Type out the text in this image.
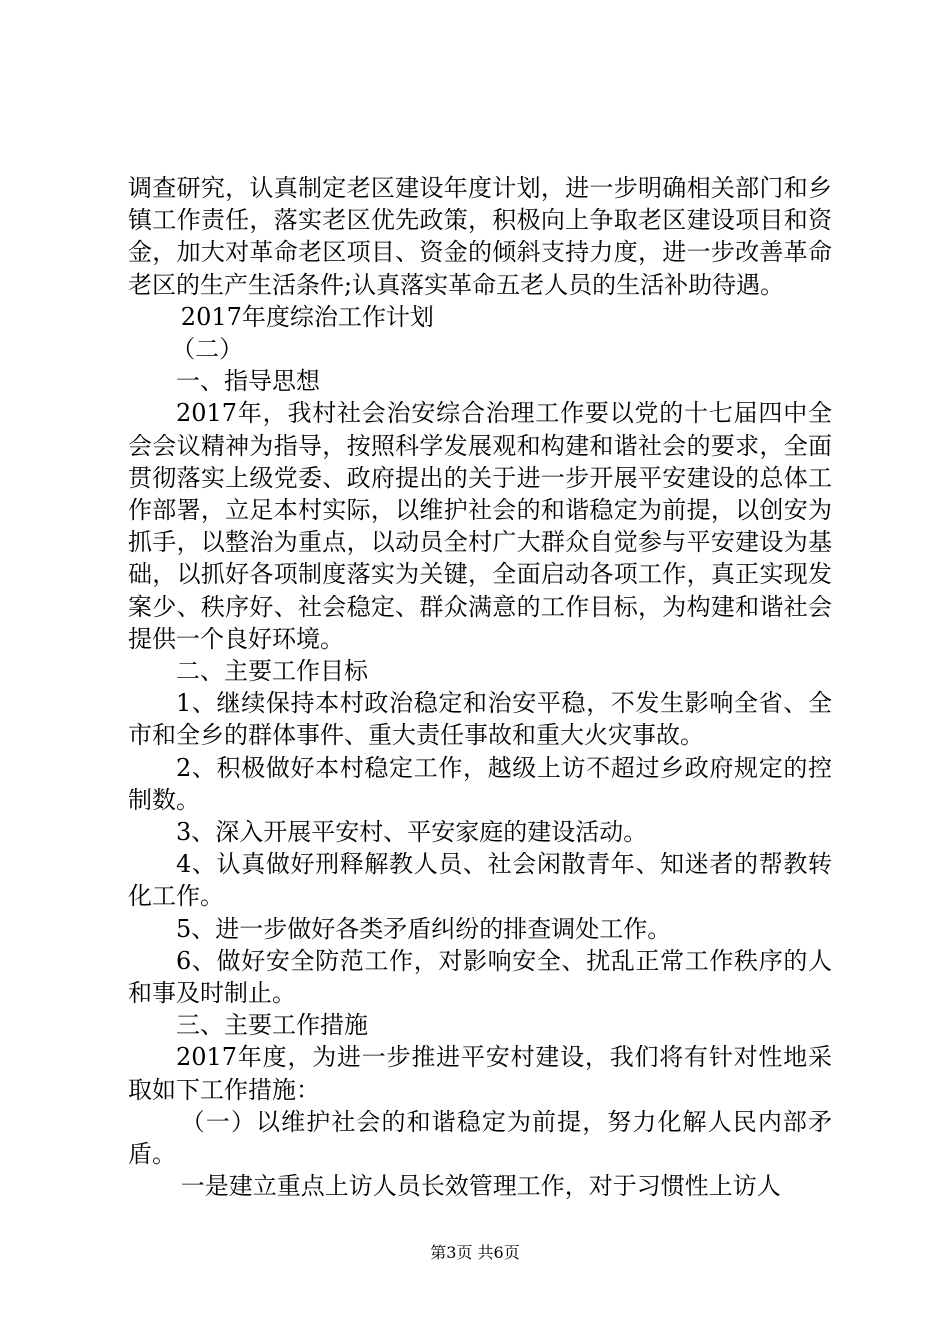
调查研究，认真制定老区建设年度计划，进一步明确相关部门和乡镇工作责任，落实老区优先政策，积极向上争取老区建设项目和资金，加大对革命老区项目、资金的倾斜支持力度，进一步改善革命老区的生产生活条件;认真落实革命五老人员的生活补助待遇。

2017年度综治工作计划

（二）

一、指导思想

2017年，我村社会治安综合治理工作要以党的十七届四中全会会议精神为指导，按照科学发展观和构建和谐社会的要求，全面贯彻落实上级党委、政府提出的关于进一步开展平安建设的总体工作部署，立足本村实际，以维护社会的和谐稳定为前提，以创安为抓手，以整治为重点，以动员全村广大群众自觉参与平安建设为基础，以抓好各项制度落实为关键，全面启动各项工作，真正实现发案少、秩序好、社会稳定、群众满意的工作目标，为构建和谐社会提供一个良好环境。

二、主要工作目标

1、继续保持本村政治稳定和治安平稳，不发生影响全省、全市和全乡的群体事件、重大责任事故和重大火灾事故。

2、积极做好本村稳定工作，越级上访不超过乡政府规定的控制数。

3、深入开展平安村、平安家庭的建设活动。

4、认真做好刑释解教人员、社会闲散青年、知迷者的帮教转化工作。

5、进一步做好各类矛盾纠纷的排查调处工作。

6、做好安全防范工作，对影响安全、扰乱正常工作秩序的人和事及时制止。

三、主要工作措施

2017年度，为进一步推进平安村建设，我们将有针对性地采取如下工作措施：

（一）以维护社会的和谐稳定为前提，努力化解人民内部矛盾。

一是建立重点上访人员长效管理工作，对于习惯性上访人

第3页 共6页
